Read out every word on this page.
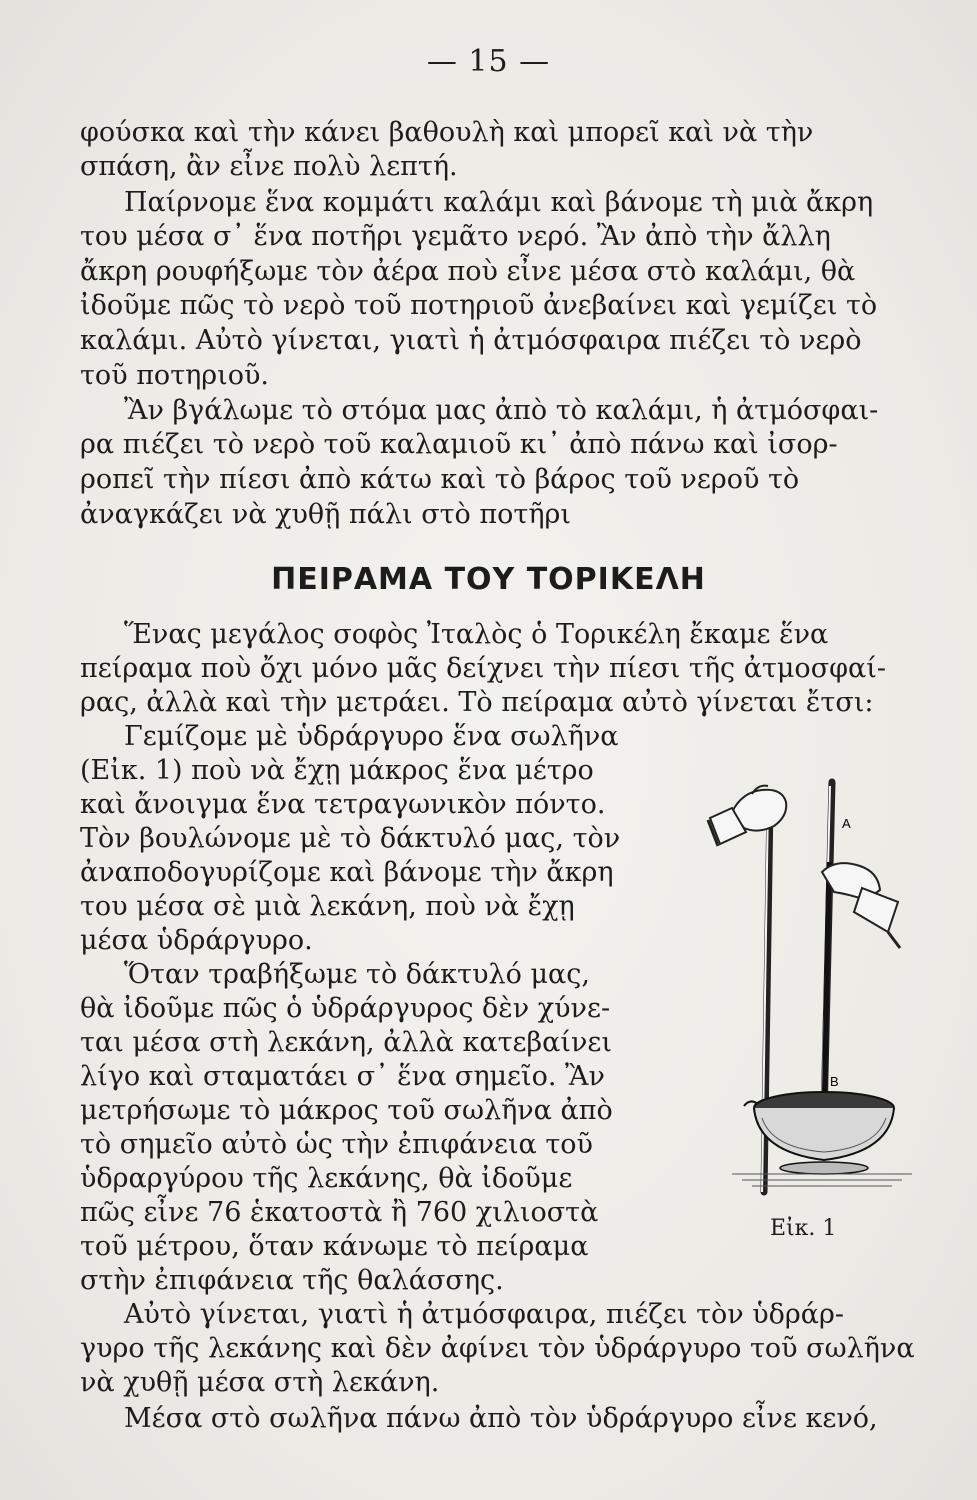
— 15 —
φούσκα καὶ τὴν κάνει βαθουλὴ καὶ μπορεῖ καὶ νὰ τὴν
σπάση, ἂν εἶνε πολὺ λεπτή.
Παίρνομε ἕνα κομμάτι καλάμι καὶ βάνομε τὴ μιὰ ἄκρη
του μέσα σ᾽ ἕνα ποτῆρι γεμᾶτο νερό. Ἂν ἀπὸ τὴν ἄλλη
ἄκρη ρουφήξωμε τὸν ἀέρα ποὺ εἶνε μέσα στὸ καλάμι, θὰ
ἰδοῦμε πῶς τὸ νερὸ τοῦ ποτηριοῦ ἀνεβαίνει καὶ γεμίζει τὸ
καλάμι. Αὐτὸ γίνεται, γιατὶ ἡ ἀτμόσφαιρα πιέζει τὸ νερὸ
τοῦ ποτηριοῦ.
Ἂν βγάλωμε τὸ στόμα μας ἀπὸ τὸ καλάμι, ἡ ἀτμόσφαι-
ρα πιέζει τὸ νερὸ τοῦ καλαμιοῦ κι᾽ ἀπὸ πάνω καὶ ἰσορ-
ροπεῖ τὴν πίεσι ἀπὸ κάτω καὶ τὸ βάρος τοῦ νεροῦ τὸ
ἀναγκάζει νὰ χυθῇ πάλι στὸ ποτῆρι
ΠΕΙΡΑΜΑ ΤΟΥ ΤΟΡΙΚΕΛΗ
Ἕνας μεγάλος σοφὸς Ἰταλὸς ὁ Τορικέλη ἔκαμε ἕνα
πείραμα ποὺ ὄχι μόνο μᾶς δείχνει τὴν πίεσι τῆς ἀτμοσφαί-
ρας, ἀλλὰ καὶ τὴν μετράει. Τὸ πείραμα αὐτὸ γίνεται ἔτσι:
Γεμίζομε μὲ ὑδράργυρο ἕνα σωλῆνα
(Εἰκ. 1) ποὺ νὰ ἔχῃ μάκρος ἕνα μέτρο
καὶ ἄνοιγμα ἕνα τετραγωνικὸν πόντο.
Τὸν βουλώνομε μὲ τὸ δάκτυλό μας, τὸν
ἀναποδογυρίζομε καὶ βάνομε τὴν ἄκρη
του μέσα σὲ μιὰ λεκάνη, ποὺ νὰ ἔχῃ
μέσα ὑδράργυρο.
Ὅταν τραβήξωμε τὸ δάκτυλό μας,
θὰ ἰδοῦμε πῶς ὁ ὑδράργυρος δὲν χύνε-
ται μέσα στὴ λεκάνη, ἀλλὰ κατεβαίνει
λίγο καὶ σταματάει σ᾽ ἕνα σημεῖο. Ἂν
μετρήσωμε τὸ μάκρος τοῦ σωλῆνα ἀπὸ
τὸ σημεῖο αὐτὸ ὡς τὴν ἐπιφάνεια τοῦ
ὑδραργύρου τῆς λεκάνης, θὰ ἰδοῦμε
πῶς εἶνε 76 ἑκατοστὰ ἢ 760 χιλιοστὰ
τοῦ μέτρου, ὅταν κάνωμε τὸ πείραμα
στὴν ἐπιφάνεια τῆς θαλάσσης.
Αὐτὸ γίνεται, γιατὶ ἡ ἀτμόσφαιρα, πιέζει τὸν ὑδράρ-
γυρο τῆς λεκάνης καὶ δὲν ἀφίνει τὸν ὑδράργυρο τοῦ σωλῆνα
νὰ χυθῇ μέσα στὴ λεκάνη.
Μέσα στὸ σωλῆνα πάνω ἀπὸ τὸν ὑδράργυρο εἶνε κενό,
Α
Β
Εἰκ. 1
